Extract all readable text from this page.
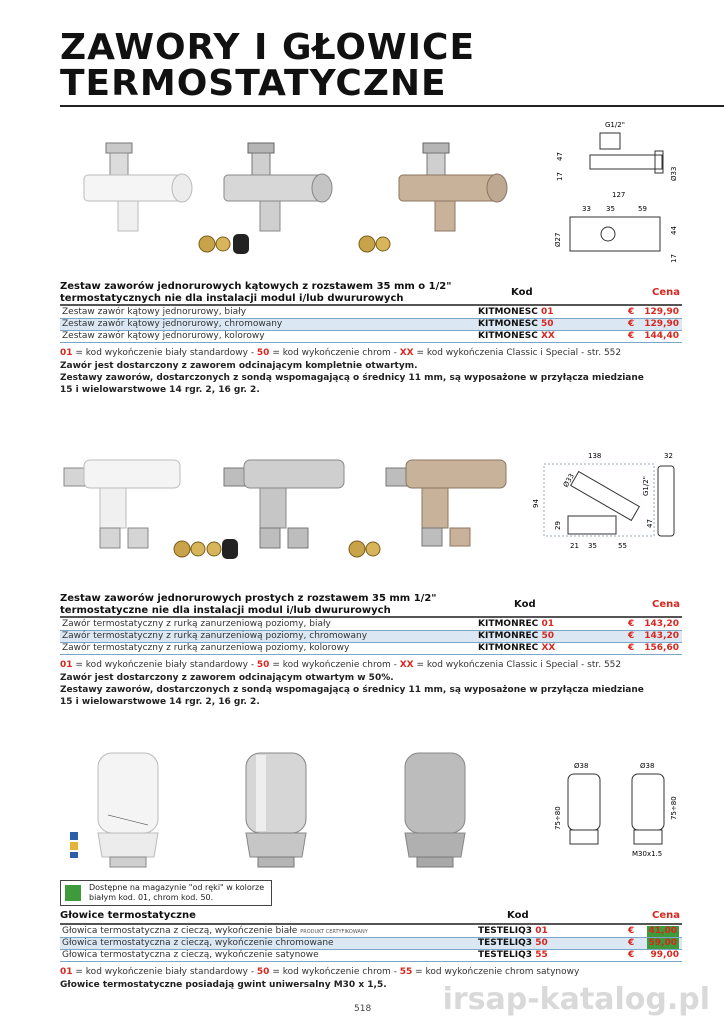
ZAWORY I GŁOWICE
TERMOSTATYCZNE
G1/2"
47
17	Ø33
127
33 35	59
Ø27
44
17
Zestaw zaworów jednorurowych kątowych z rozstawem 35 mm o 1/2"
termostatycznych nie dla instalacji modul i/lub dwururowych
Kod	Cena
Zestaw zawór kątowy jednorurowy, biały	KITMONESC 01	€ 129,90
Zestaw zawór kątowy jednorurowy, chromowany	KITMONESC 50	€ 129,90
Zestaw zawór kątowy jednorurowy, kolorowy	KITMONESC XX	€ 144,40
01 = kod wykończenie biały standardowy - 50 = kod wykończenie chrom - XX = kod wykończenia Classic i Special - str. 552
Zawór jest dostarczony z zaworem odcinającym kompletnie otwartym.
Zestawy zaworów, dostarczonych z sondą wspomagającą o średnicy 11 mm, są wyposażone w przyłącza miedziane
15 i wielowarstwowe 14 rgr. 2, 16 gr. 2.
138	32
Ø33	G1/2"
94
29	47
21 35	55
Zestaw zaworów jednorurowych prostych z rozstawem 35 mm 1/2"
termostatyczne nie dla instalacji modul i/lub dwururowych
Kod	Cena
Zawór termostatyczny z rurką zanurzeniową poziomy, biały	KITMONREC 01	€ 143,20
Zawór termostatyczny z rurką zanurzeniową poziomy, chromowany	KITMONREC 50	€ 143,20
Zawór termostatyczny z rurką zanurzeniową poziomy, kolorowy	KITMONREC XX	€ 156,60
01 = kod wykończenie biały standardowy - 50 = kod wykończenie chrom - XX = kod wykończenia Classic i Special - str. 552
Zawór jest dostarczony z zaworem odcinającym otwartym w 50%.
Zestawy zaworów, dostarczonych z sondą wspomagającą o średnicy 11 mm, są wyposażone w przyłącza miedziane
15 i wielowarstwowe 14 rgr. 2, 16 gr. 2.
Ø38	Ø38
75÷80	75÷80
M30x1.5
Dostępne na magazynie "od ręki" w kolorze
białym kod. 01, chrom kod. 50.
Głowice termostatyczne	Kod	Cena
Głowica termostatyczna z cieczą, wykończenie białe PRODUKT CERTYFIKOWANY	TESTELIQ3 01	€ 41,00
Głowica termostatyczna z cieczą, wykończenie chromowane	TESTELIQ3 50	€ 59,00
Głowica termostatyczna z cieczą, wykończenie satynowe	TESTELIQ3 55	€ 99,00
01 = kod wykończenie biały standardowy - 50 = kod wykończenie chrom - 55 = kod wykończenie chrom satynowy
Głowice termostatyczne posiadają gwint uniwersalny M30 x 1,5. irsap-katalog.pl
518
